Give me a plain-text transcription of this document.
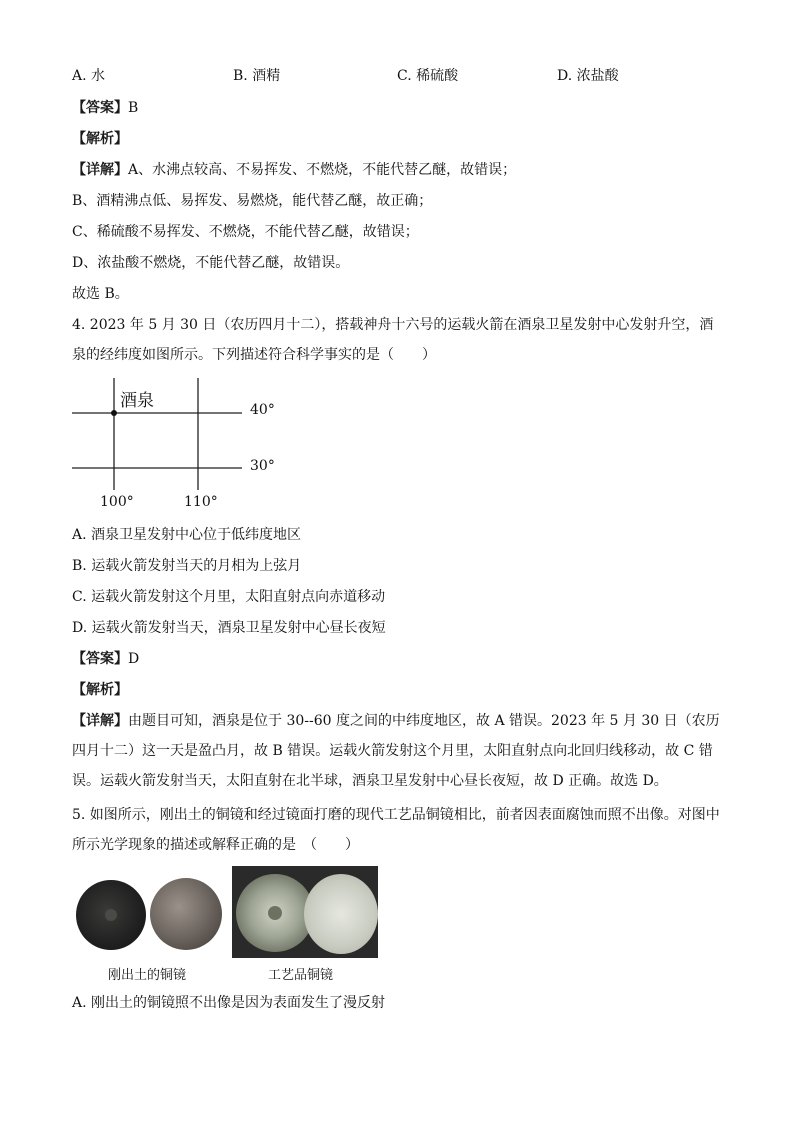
A. 水	B. 酒精	C. 稀硫酸	D. 浓盐酸
【答案】B
【解析】
【详解】A、水沸点较高、不易挥发、不燃烧，不能代替乙醚，故错误；
B、酒精沸点低、易挥发、易燃烧，能代替乙醚，故正确；
C、稀硫酸不易挥发、不燃烧，不能代替乙醚，故错误；
D、浓盐酸不燃烧，不能代替乙醚，故错误。
故选 B。
4. 2023 年 5 月 30 日（农历四月十二），搭载神舟十六号的运载火箭在酒泉卫星发射中心发射升空，酒泉的经纬度如图所示。下列描述符合科学事实的是（　　）
酒泉	40°
30°
100°	110°
A. 酒泉卫星发射中心位于低纬度地区
B. 运载火箭发射当天的月相为上弦月
C. 运载火箭发射这个月里，太阳直射点向赤道移动
D. 运载火箭发射当天，酒泉卫星发射中心昼长夜短
【答案】D
【解析】
【详解】由题目可知，酒泉是位于 30--60 度之间的中纬度地区，故 A 错误。2023 年 5 月 30 日（农历四月十二）这一天是盈凸月，故 B 错误。运载火箭发射这个月里，太阳直射点向北回归线移动，故 C 错误。运载火箭发射当天，太阳直射在北半球，酒泉卫星发射中心昼长夜短，故 D 正确。故选 D。
5. 如图所示，刚出土的铜镜和经过镜面打磨的现代工艺品铜镜相比，前者因表面腐蚀而照不出像。对图中所示光学现象的描述或解释正确的是　（　　）
刚出土的铜镜	工艺品铜镜
A. 刚出土的铜镜照不出像是因为表面发生了漫反射
